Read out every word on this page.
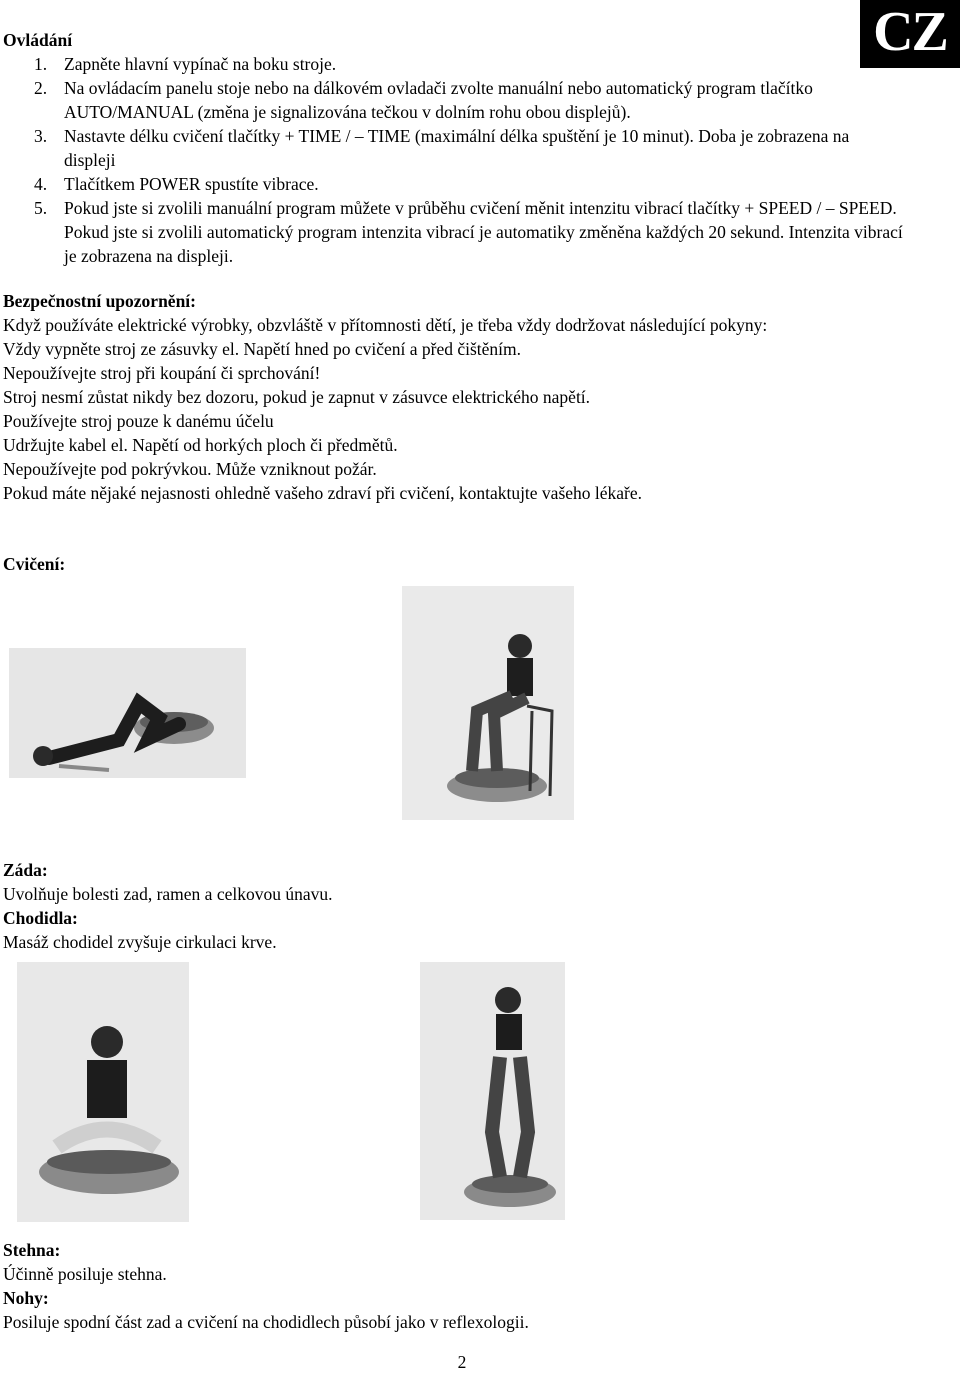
CZ
Ovládání
1. Zapněte hlavní vypínač na boku stroje.
2. Na ovládacím panelu stoje nebo na dálkovém ovladači zvolte manuální nebo automatický program tlačítko AUTO/MANUAL (změna je signalizována tečkou v dolním rohu obou displejů).
3. Nastavte délku cvičení tlačítky + TIME / – TIME (maximální délka spuštění je 10 minut). Doba je zobrazena na displeji
4. Tlačítkem POWER spustíte vibrace.
5. Pokud jste si zvolili manuální program můžete v průběhu cvičení měnit intenzitu vibrací tlačítky + SPEED / – SPEED. Pokud jste si zvolili automatický program intenzita vibrací je automatiky změněna každých 20 sekund. Intenzita vibrací je zobrazena na displeji.
Bezpečnostní upozornění:

Když používáte elektrické výrobky, obzvláště v přítomnosti dětí, je třeba vždy dodržovat následující pokyny:

Vždy vypněte stroj ze zásuvky el. Napětí hned po cvičení a před čištěním.

Nepoužívejte stroj při koupání či sprchování!

Stroj nesmí zůstat nikdy bez dozoru, pokud je zapnut v zásuvce elektrického napětí.

Používejte stroj pouze k danému účelu

Udržujte kabel el. Napětí od horkých ploch či předmětů.

Nepoužívejte pod pokrývkou. Může vzniknout požár.

Pokud máte nějaké nejasnosti ohledně vašeho zdraví při cvičení, kontaktujte vašeho lékaře.

Cvičení:
Záda:

Uvolňuje bolesti zad, ramen a celkovou únavu.

Chodidla:

Masáž chodidel zvyšuje cirkulaci krve.

Stehna:

Účinně posiluje stehna.

Nohy:

Posiluje spodní část zad a cvičení na chodidlech působí jako v reflexologii.

2
